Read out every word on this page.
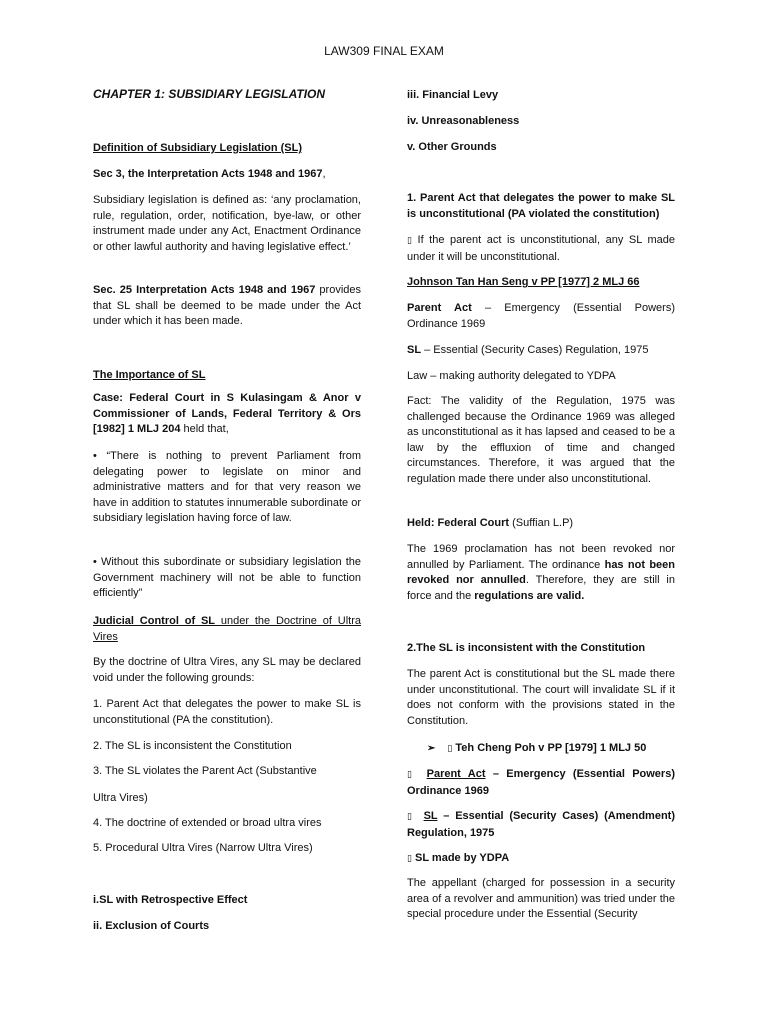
LAW309 FINAL EXAM

CHAPTER 1: SUBSIDIARY LEGISLATION

Definition of Subsidiary Legislation (SL)

Sec 3, the Interpretation Acts 1948 and 1967,

Subsidiary legislation is defined as: ‘any proclamation, rule, regulation, order, notification, bye-law, or other instrument made under any Act, Enactment Ordinance or other lawful authority and having legislative effect.’

Sec. 25 Interpretation Acts 1948 and 1967 provides that SL shall be deemed to be made under the Act under which it has been made.

The Importance of SL

Case: Federal Court in S Kulasingam & Anor v Commissioner of Lands, Federal Territory & Ors [1982] 1 MLJ 204 held that,

• “There is nothing to prevent Parliament from delegating power to legislate on minor and administrative matters and for that very reason we have in addition to statutes innumerable subordinate or subsidiary legislation having force of law.

• Without this subordinate or subsidiary legislation the Government machinery will not be able to function efficiently”

Judicial Control of SL under the Doctrine of Ultra Vires

By the doctrine of Ultra Vires, any SL may be declared void under the following grounds:

1. Parent Act that delegates the power to make SL is unconstitutional (PA the constitution).

2. The SL is inconsistent the Constitution

3. The SL violates the Parent Act (Substantive

Ultra Vires)

4. The doctrine of extended or broad ultra vires

5. Procedural Ultra Vires (Narrow Ultra Vires)

i.SL with Retrospective Effect

ii. Exclusion of Courts

iii. Financial Levy

iv. Unreasonableness

v. Other Grounds

1. Parent Act that delegates the power to make SL is unconstitutional (PA violated the constitution)

▯ If the parent act is unconstitutional, any SL made under it will be unconstitutional.

Johnson Tan Han Seng v PP [1977] 2 MLJ 66

Parent Act – Emergency (Essential Powers) Ordinance 1969

SL – Essential (Security Cases) Regulation, 1975

Law – making authority delegated to YDPA

Fact: The validity of the Regulation, 1975 was challenged because the Ordinance 1969 was alleged as unconstitutional as it has lapsed and ceased to be a law by the effluxion of time and changed circumstances. Therefore, it was argued that the regulation made there under also unconstitutional.

Held: Federal Court (Suffian L.P)

The 1969 proclamation has not been revoked nor annulled by Parliament. The ordinance has not been revoked nor annulled. Therefore, they are still in force and the regulations are valid.

2.The SL is inconsistent with the Constitution

The parent Act is constitutional but the SL made there under unconstitutional. The court will invalidate SL if it does not conform with the provisions stated in the Constitution.

➢ ▯ Teh Cheng Poh v PP [1979] 1 MLJ 50

▯ Parent Act – Emergency (Essential Powers) Ordinance 1969

▯ SL – Essential (Security Cases) (Amendment) Regulation, 1975

▯ SL made by YDPA

The appellant (charged for possession in a security area of a revolver and ammunition) was tried under the special procedure under the Essential (Security
